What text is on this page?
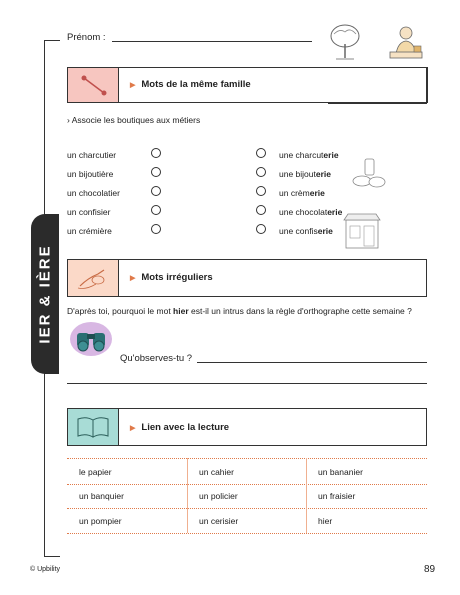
IER & IÈRE
Prénom :
▶ Mots de la même famille
› Associe les boutiques aux métiers
un charcutier
un bijoutière
un chocolatier
un confisier
un crémière
une charcuterie
une bijouterie
un crèmerie
une chocolaterie
une confiserie
▶ Mots irréguliers
D'après toi, pourquoi le mot hier est-il un intrus dans la règle d'orthographe cette semaine ?
Qu'observes-tu ?
▶ Lien avec la lecture
le papier	un cahier	un bananier
un banquier	un policier	un fraisier
un pompier	un cerisier	hier
© Upbility	89
